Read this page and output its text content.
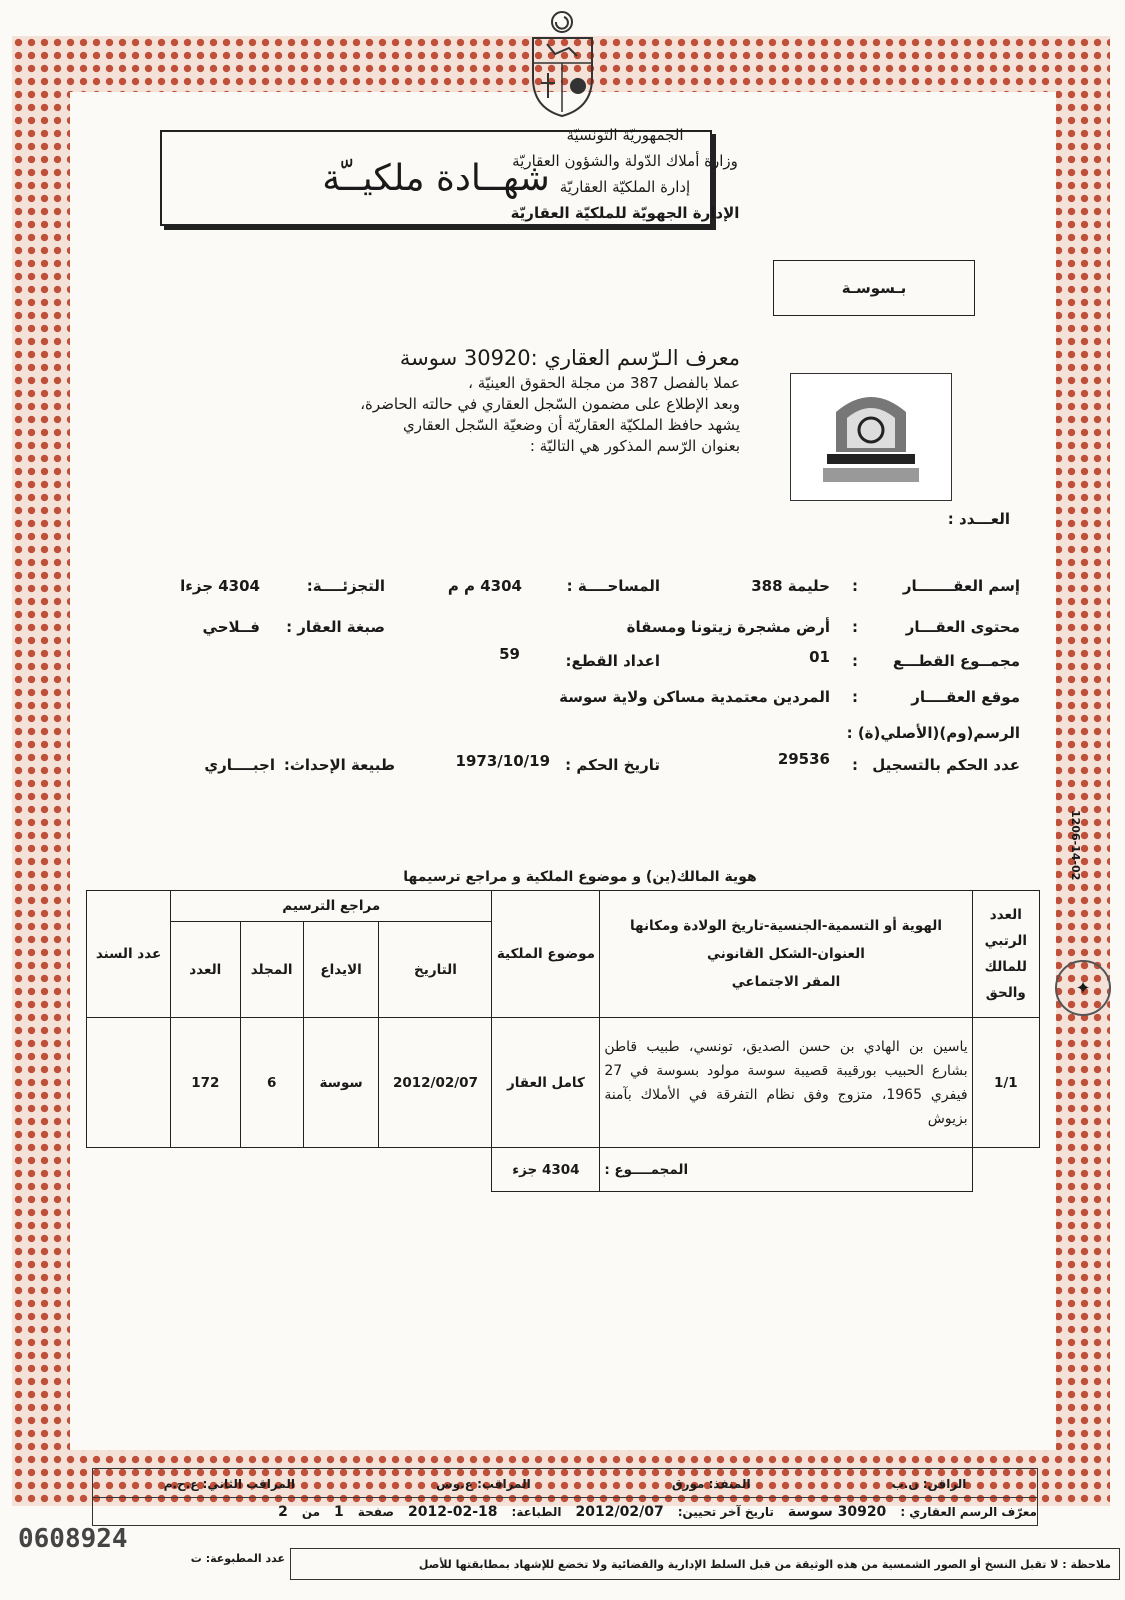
شهــادة ملكيــّة
الجمهوريّة التونسيّة
وزارة أملاك الدّولة والشؤون العقاريّة
إدارة الملكيّة العقاريّة
الإدارة الجهويّة للملكيّة العقاريّة
بـسوسـة
معرف الـرّسم العقاري :30920 سوسة
عملا بالفصل 387 من مجلة الحقوق العينيّة ،
وبعد الإطلاع على مضمون السّجل العقاري في حالته الحاضرة،
يشهد حافظ الملكيّة العقاريّة أن وضعيّة السّجل العقاري
بعنوان الرّسم المذكور هي التاليّة :
العـــدد :
إسم العقـــــــار
:
حليمة 388
المساحــــة :
4304 م م
التجزئــــة:
4304 جزءا
محتوى العقـــار
:
أرض مشجرة زيتونا ومسقاة
صبغة العقار :
فــلاحي
مجمــوع القطـــع
:
01
اعداد القطع:
59
موقع العقــــار
:
المردين معتمدية مساكن ولاية سوسة
الرسم(وم)(الأصلي(ة) :
عدد الحكم بالتسجيل
:
29536
تاريخ الحكم :
1973/10/19
طبيعة الإحداث:
اجبــــاري
هوية المالك(ين) و موضوع الملكية و مراجع ترسيمها
العدد الرتبي للمالك والحق	الهوية أو التسمية-الجنسية-تاريخ الولادة ومكانها
العنوان-الشكل القانوني
المقر الاجتماعي	موضوع الملكية	مراجع الترسيم				عدد السند
			التاريخ	الايداع	المجلد	العدد	
1/1	ياسين بن الهادي بن حسن الصديق، تونسي، طبيب قاطن بشارع الحبيب بورقيبة قصيبة سوسة مولود بسوسة في 27 فيفري 1965، متزوج وفق نظام التفرقة في الأملاك بآمنة بزيوش	كامل العقار	2012/02/07	سوسة	6	172	
	المجمــــوع :	4304 جزء					
1206-14-02
✦
الراقن: ن.ب
المنفذ: مورق
المراقب: ع.وس
المراقب الثاني: ع.ح.م
معرّف الرسم العقاري :
30920 سوسة
تاريخ آخر تحيين:
2012/02/07
الطباعة:
2012-02-18
صفحة
1
من
2
ملاحظة : لا تقبل النسخ أو الصور الشمسية من هذه الوثيقة من قبل السلط الإدارية والقضائية ولا تخضع للإشهاد بمطابقتها للأصل
عدد المطبوعة: ت
0608924
